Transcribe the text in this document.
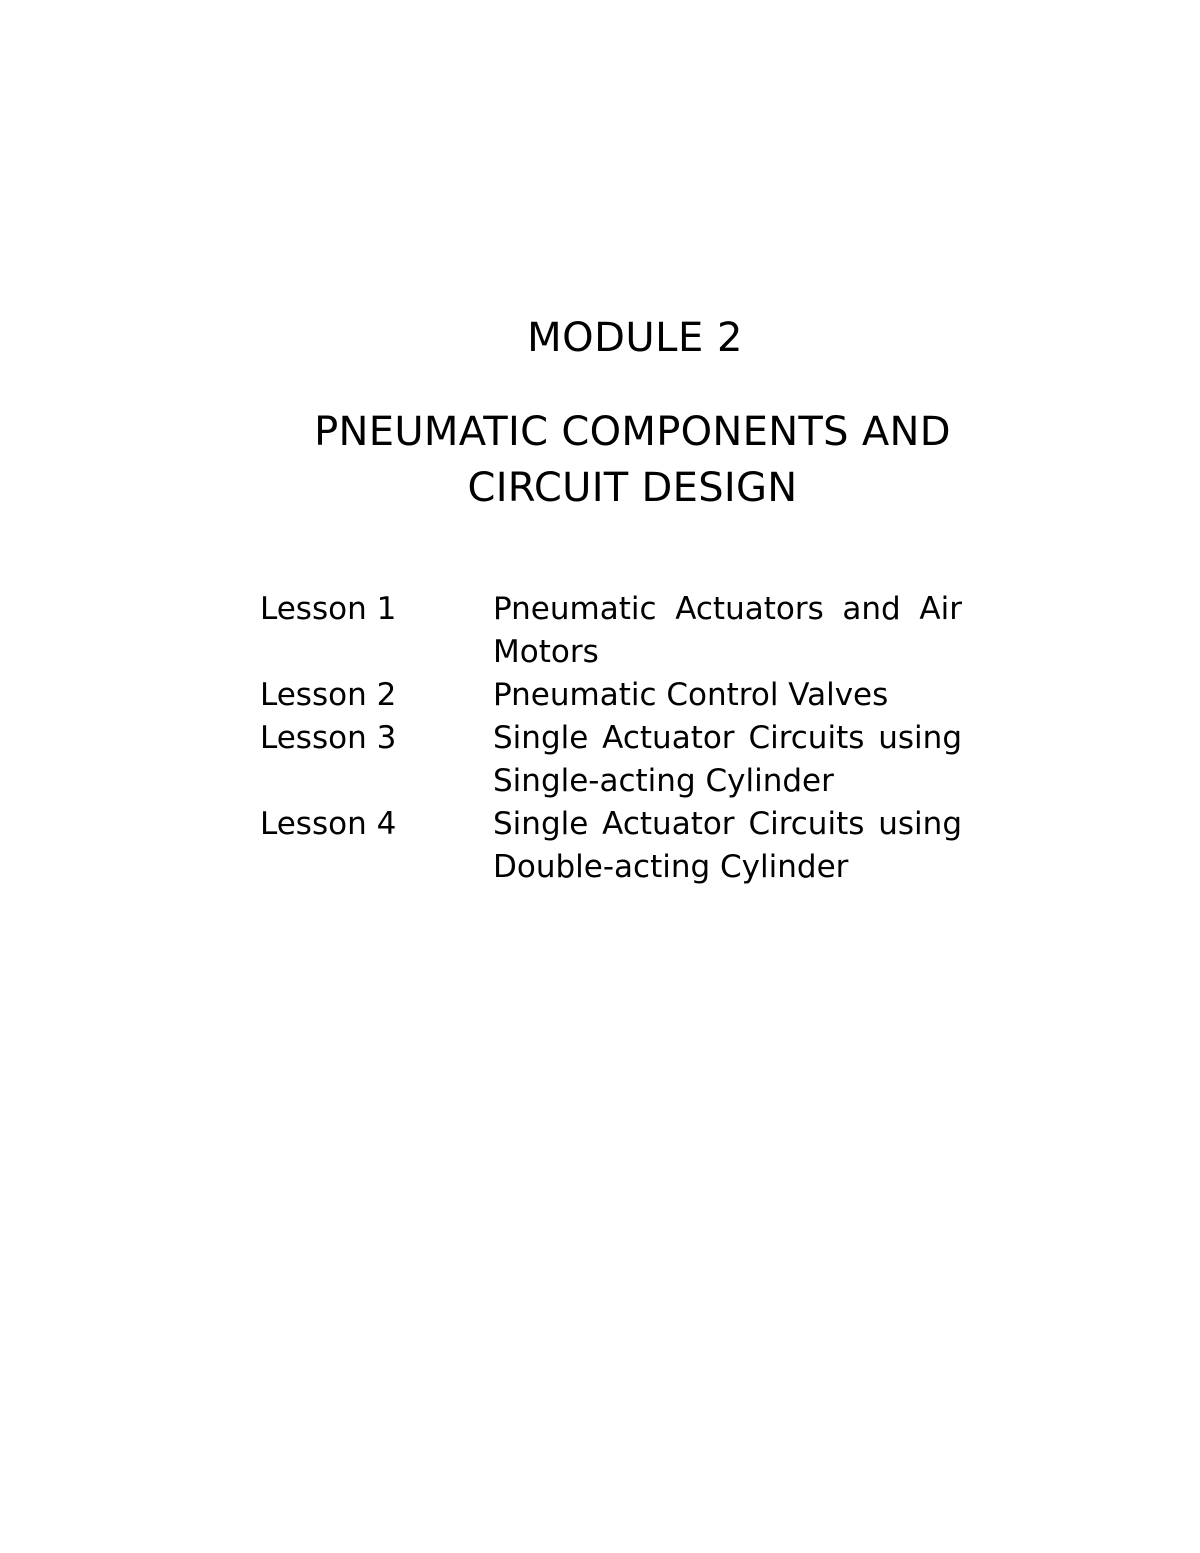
MODULE 2
PNEUMATIC COMPONENTS AND
CIRCUIT DESIGN
Lesson 1	Pneumatic Actuators and Air Motors
Lesson 2	Pneumatic Control Valves
Lesson 3	Single Actuator Circuits using Single-acting Cylinder
Lesson 4	Single Actuator Circuits using Double-acting Cylinder
